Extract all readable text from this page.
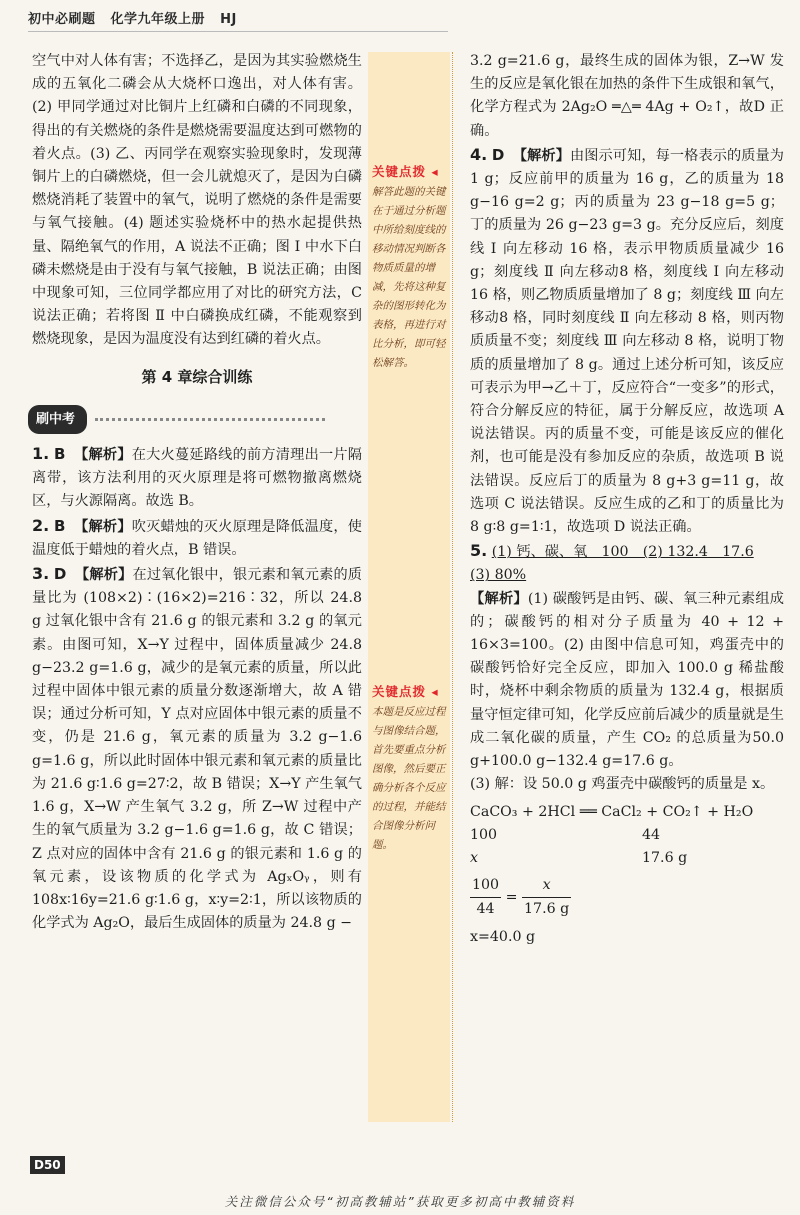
初中必刷题 化学九年级上册 HJ
关键点拨 ◂
解答此题的关键在于通过分析题中所给刻度线的移动情况判断各物质质量的增减，先将这种复杂的图形转化为表格，再进行对比分析，即可轻松解答。
关键点拨 ◂
本题是反应过程与图像结合题，首先要重点分析图像，然后要正确分析各个反应的过程，并能结合图像分析问题。

空气中对人体有害；不选择乙，是因为其实验燃烧生成的五氧化二磷会从大烧杯口逸出，对人体有害。(2) 甲同学通过对比铜片上红磷和白磷的不同现象，得出的有关燃烧的条件是燃烧需要温度达到可燃物的着火点。(3) 乙、丙同学在观察实验现象时，发现薄铜片上的白磷燃烧，但一会儿就熄灭了，是因为白磷燃烧消耗了装置中的氧气，说明了燃烧的条件是需要与氧气接触。(4) 题述实验烧杯中的热水起提供热量、隔绝氧气的作用，A 说法不正确；图 Ⅰ 中水下白磷未燃烧是由于没有与氧气接触，B 说法正确；由图中现象可知，三位同学都应用了对比的研究方法，C 说法正确；若将图 Ⅱ 中白磷换成红磷，不能观察到燃烧现象，是因为温度没有达到红磷的着火点。

第 4 章综合训练
刷中考

1. B 【解析】在大火蔓延路线的前方清理出一片隔离带，该方法利用的灭火原理是将可燃物撤离燃烧区，与火源隔离。故选 B。

2. B 【解析】吹灭蜡烛的灭火原理是降低温度，使温度低于蜡烛的着火点，B 错误。

3. D 【解析】在过氧化银中，银元素和氧元素的质量比为 (108×2)∶(16×2)=216∶32，所以 24.8 g 过氧化银中含有 21.6 g 的银元素和 3.2 g 的氧元素。由图可知，X→Y 过程中，固体质量减少 24.8 g−23.2 g=1.6 g，减少的是氧元素的质量，所以此过程中固体中银元素的质量分数逐渐增大，故 A 错误；通过分析可知，Y 点对应固体中银元素的质量不变，仍是 21.6 g，氧元素的质量为 3.2 g−1.6 g=1.6 g，所以此时固体中银元素和氧元素的质量比为 21.6 g∶1.6 g=27∶2，故 B 错误；X→Y 产生氧气 1.6 g，X→W 产生氧气 3.2 g，所 Z→W 过程中产生的氧气质量为 3.2 g−1.6 g=1.6 g，故 C 错误；Z 点对应的固体中含有 21.6 g 的银元素和 1.6 g 的氧元素，设该物质的化学式为 AgₓOᵧ，则有 108x∶16y=21.6 g∶1.6 g，x∶y=2∶1，所以该物质的化学式为 Ag₂O，最后生成固体的质量为 24.8 g −

3.2 g=21.6 g，最终生成的固体为银，Z→W 发生的反应是氧化银在加热的条件下生成银和氧气，化学方程式为 2Ag₂O ═△═ 4Ag + O₂↑，故D 正确。

4. D 【解析】由图示可知，每一格表示的质量为 1 g；反应前甲的质量为 16 g，乙的质量为 18 g−16 g=2 g；丙的质量为 23 g−18 g=5 g；丁的质量为 26 g−23 g=3 g。充分反应后，刻度线 Ⅰ 向左移动 16 格，表示甲物质质量减少 16 g；刻度线 Ⅱ 向左移动8 格，刻度线 Ⅰ 向左移动 16 格，则乙物质质量增加了 8 g；刻度线 Ⅲ 向左移动8 格，同时刻度线 Ⅱ 向左移动 8 格，则丙物质质量不变；刻度线 Ⅲ 向左移动 8 格，说明丁物质的质量增加了 8 g。通过上述分析可知，该反应可表示为甲→乙＋丁，反应符合“一变多”的形式，符合分解反应的特征，属于分解反应，故选项 A 说法错误。丙的质量不变，可能是该反应的催化剂，也可能是没有参加反应的杂质，故选项 B 说法错误。反应后丁的质量为 8 g+3 g=11 g，故选项 C 说法错误。反应生成的乙和丁的质量比为 8 g∶8 g=1∶1，故选项 D 说法正确。

5. (1) 钙、碳、氧　100　(2) 132.4　17.6

(3) 80%

【解析】(1) 碳酸钙是由钙、碳、氧三种元素组成的；碳酸钙的相对分子质量为 40 + 12 + 16×3=100。(2) 由图中信息可知，鸡蛋壳中的碳酸钙恰好完全反应，即加入 100.0 g 稀盐酸时，烧杯中剩余物质的质量为 132.4 g，根据质量守恒定律可知，化学反应前后减少的质量就是生成二氧化碳的质量，产生 CO₂ 的总质量为50.0 g+100.0 g−132.4 g=17.6 g。

(3) 解：设 50.0 g 鸡蛋壳中碳酸钙的质量是 x。

CaCO₃ + 2HCl ══ CaCl₂ + CO₂↑ + H₂O

100	44
x	17.6 g
$\frac{100}{44} = \frac{x}{17.6 g}$

x=40.0 g

D50
关注微信公众号“初高教辅站”获取更多初高中教辅资料
